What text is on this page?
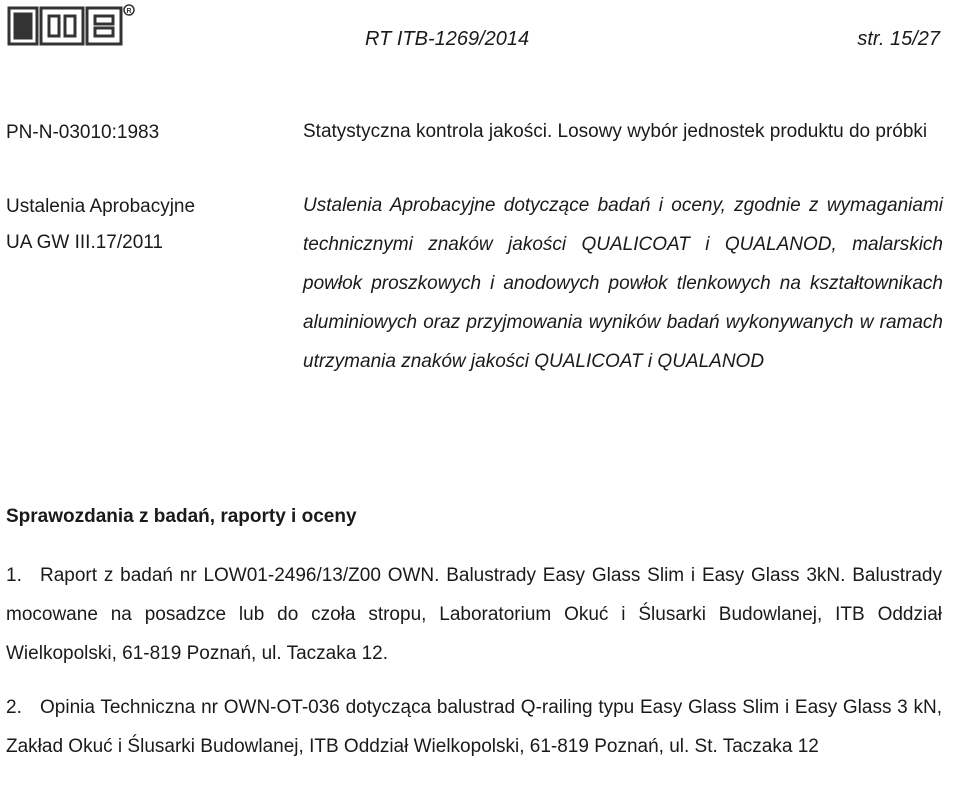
R
RT ITB-1269/2014	str. 15/27
PN-N-03010:1983	Statystyczna kontrola jakości. Losowy wybór jednostek produktu do próbki
Ustalenia Aprobacyjne
UA GW III.17/2011
Ustalenia Aprobacyjne dotyczące badań i oceny, zgodnie z wymaganiami technicznymi znaków jakości QUALICOAT i QUALANOD, malarskich powłok proszkowych i anodowych powłok tlenkowych na kształtownikach aluminiowych oraz przyjmowania wyników badań wykonywanych w ramach utrzymania znaków jakości QUALICOAT i QUALANOD
Sprawozdania z badań, raporty i oceny
1. Raport z badań nr LOW01-2496/13/Z00 OWN. Balustrady Easy Glass Slim i Easy Glass 3kN. Balustrady mocowane na posadzce lub do czoła stropu, Laboratorium Okuć i Ślusarki Budowlanej, ITB Oddział Wielkopolski, 61-819 Poznań, ul. Taczaka 12.
2. Opinia Techniczna nr OWN-OT-036 dotycząca balustrad Q-railing typu Easy Glass Slim i Easy Glass 3 kN, Zakład Okuć i Ślusarki Budowlanej, ITB Oddział Wielkopolski, 61-819 Poznań, ul. St. Taczaka 12
